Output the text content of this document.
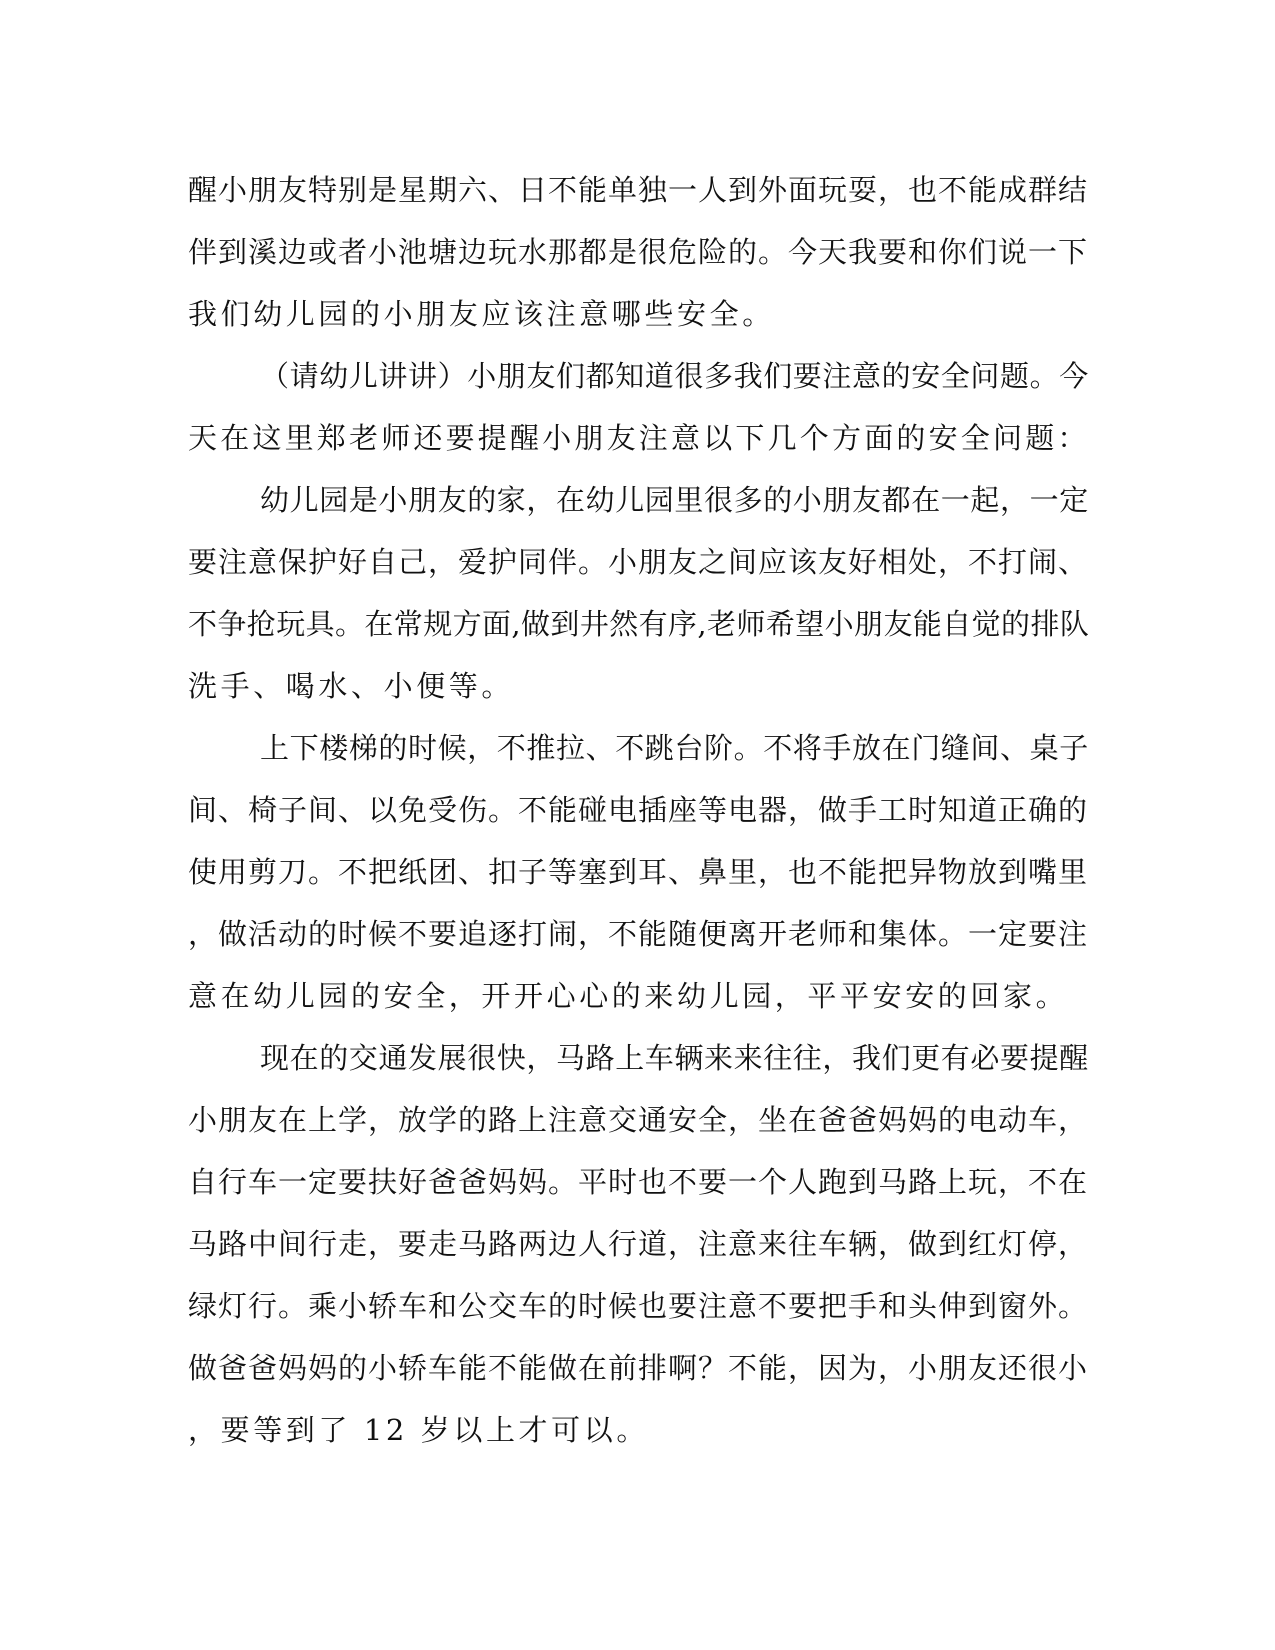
醒小朋友特别是星期六、日不能单独一人到外面玩耍，也不能成群结
伴到溪边或者小池塘边玩水那都是很危险的。今天我要和你们说一下
我们幼儿园的小朋友应该注意哪些安全。
（请幼儿讲讲）小朋友们都知道很多我们要注意的安全问题。今
天在这里郑老师还要提醒小朋友注意以下几个方面的安全问题：
幼儿园是小朋友的家，在幼儿园里很多的小朋友都在一起，一定
要注意保护好自己，爱护同伴。小朋友之间应该友好相处，不打闹、
不争抢玩具。在常规方面,做到井然有序,老师希望小朋友能自觉的排队
洗手、喝水、小便等。
上下楼梯的时候，不推拉、不跳台阶。不将手放在门缝间、桌子
间、椅子间、以免受伤。不能碰电插座等电器，做手工时知道正确的
使用剪刀。不把纸团、扣子等塞到耳、鼻里，也不能把异物放到嘴里
，做活动的时候不要追逐打闹，不能随便离开老师和集体。一定要注
意在幼儿园的安全，开开心心的来幼儿园，平平安安的回家。
现在的交通发展很快，马路上车辆来来往往，我们更有必要提醒
小朋友在上学，放学的路上注意交通安全，坐在爸爸妈妈的电动车，
自行车一定要扶好爸爸妈妈。平时也不要一个人跑到马路上玩，不在
马路中间行走，要走马路两边人行道，注意来往车辆，做到红灯停，
绿灯行。乘小轿车和公交车的时候也要注意不要把手和头伸到窗外。
做爸爸妈妈的小轿车能不能做在前排啊？不能，因为，小朋友还很小
，要等到了 12 岁以上才可以。
